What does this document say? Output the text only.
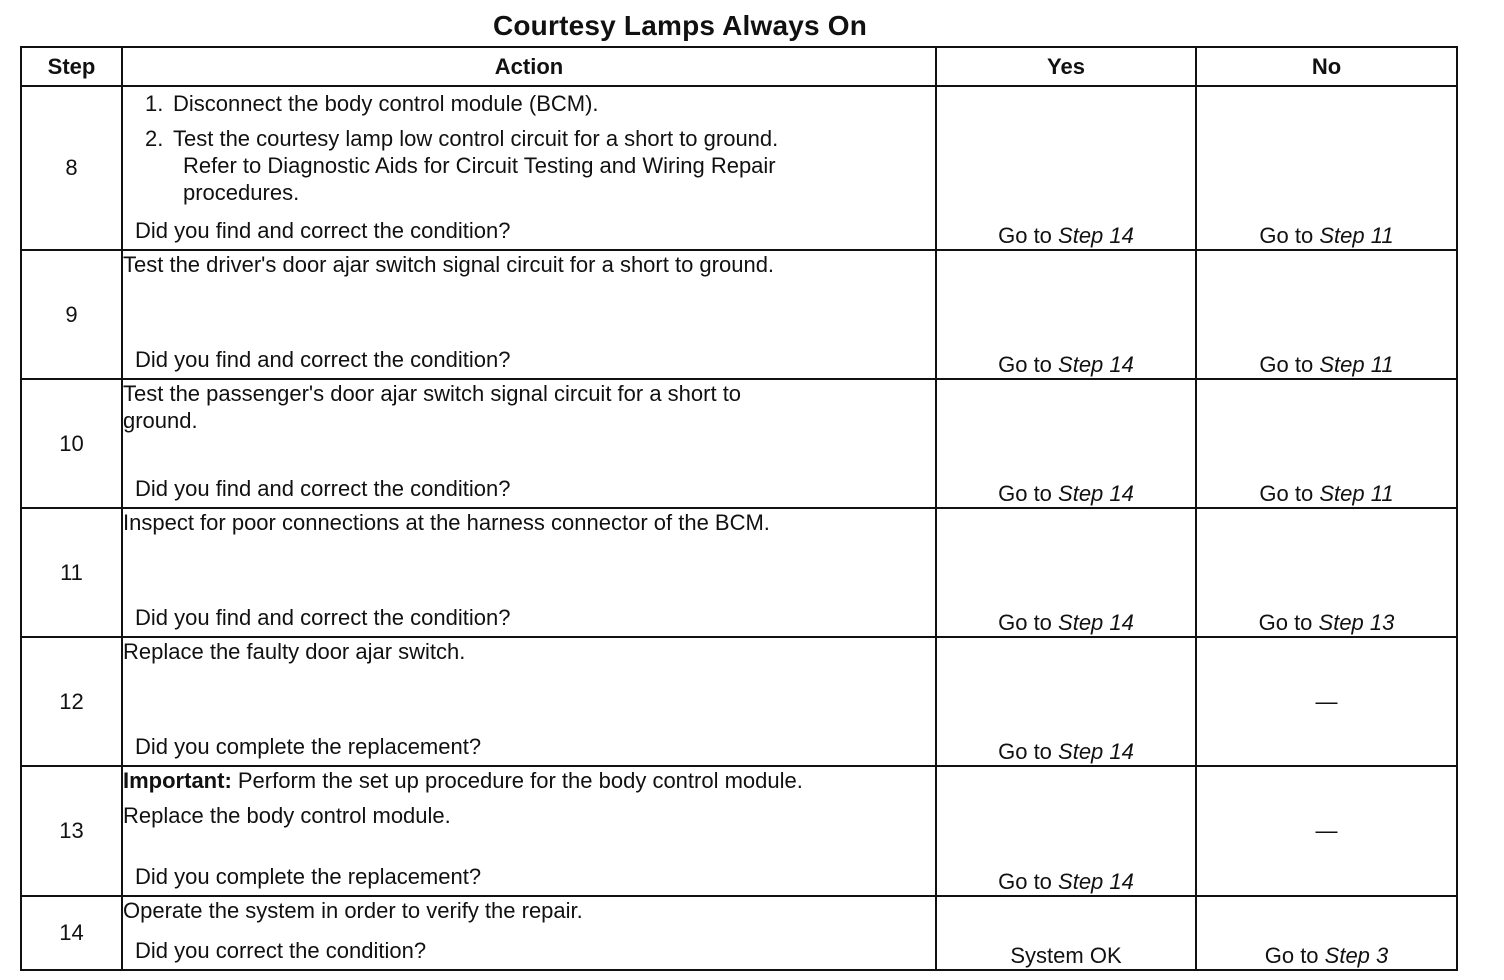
Courtesy Lamps Always On
Step	Action	Yes	No
8	1. Disconnect the body control module (BCM).
2. Test the courtesy lamp low control circuit for a short to ground.
Refer to Diagnostic Aids for Circuit Testing and Wiring Repair
procedures.
Did you find and correct the condition?	Go to Step 14	Go to Step 11
9	Test the driver's door ajar switch signal circuit for a short to ground.
Did you find and correct the condition?	Go to Step 14	Go to Step 11
10	Test the passenger's door ajar switch signal circuit for a short to
ground.
Did you find and correct the condition?	Go to Step 14	Go to Step 11
11	Inspect for poor connections at the harness connector of the BCM.
Did you find and correct the condition?	Go to Step 14	Go to Step 13
12	Replace the faulty door ajar switch.
Did you complete the replacement?	Go to Step 14	—
13	Important: Perform the set up procedure for the body control module.
Replace the body control module.
Did you complete the replacement?	Go to Step 14	—
14	Operate the system in order to verify the repair.
Did you correct the condition?	System OK	Go to Step 3
